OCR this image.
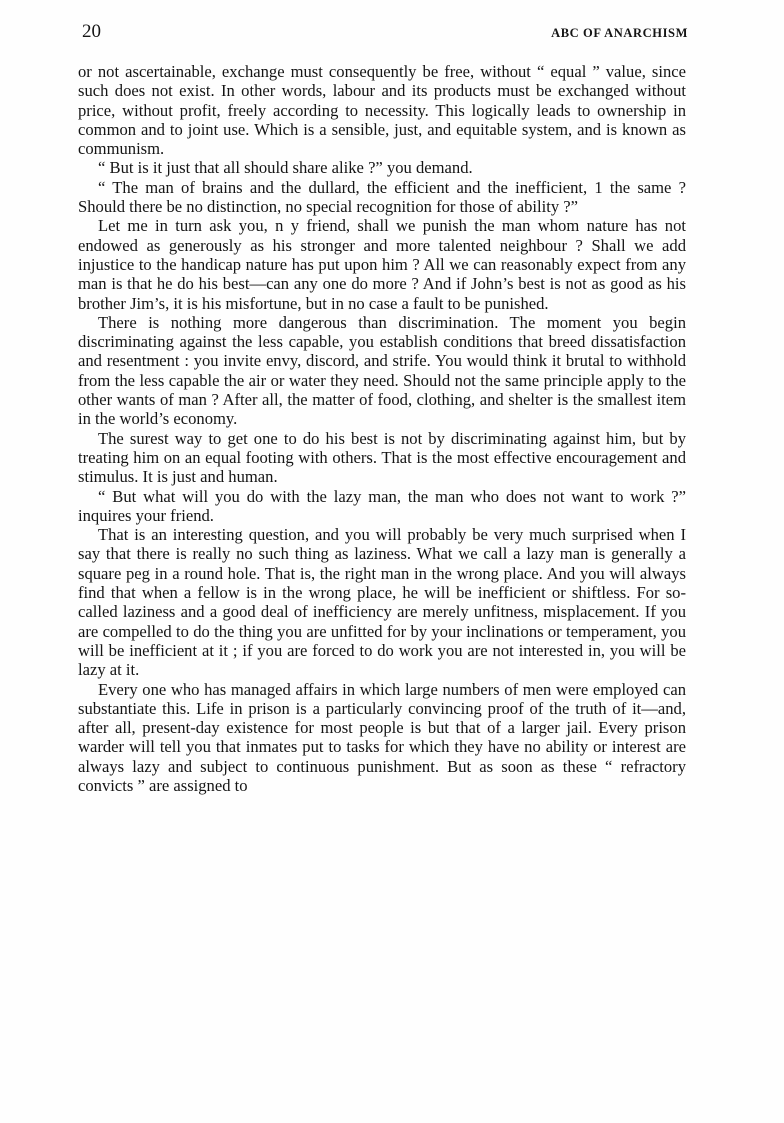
20	ABC OF ANARCHISM

or not ascertainable, exchange must consequently be free, without “ equal ” value, since such does not exist. In other words, labour and its products must be exchanged without price, without profit, freely according to necessity. This logically leads to ownership in common and to joint use. Which is a sensible, just, and equitable system, and is known as communism.

“ But is it just that all should share alike ?” you demand.

“ The man of brains and the dullard, the efficient and the inefficient, 1 the same ? Should there be no distinction, no special recognition for those of ability ?”

Let me in turn ask you, n y friend, shall we punish the man whom nature has not endowed as generously as his stronger and more talented neighbour ? Shall we add injustice to the handicap nature has put upon him ? All we can reasonably expect from any man is that he do his best—can any one do more ? And if John’s best is not as good as his brother Jim’s, it is his misfortune, but in no case a fault to be punished.

There is nothing more dangerous than discrimination. The moment you begin discriminating against the less capable, you establish conditions that breed dissatisfaction and resentment : you invite envy, discord, and strife. You would think it brutal to withhold from the less capable the air or water they need. Should not the same principle apply to the other wants of man ? After all, the matter of food, clothing, and shelter is the smallest item in the world’s economy.

The surest way to get one to do his best is not by discriminating against him, but by treating him on an equal footing with others. That is the most effective encouragement and stimulus. It is just and human.

“ But what will you do with the lazy man, the man who does not want to work ?” inquires your friend.

That is an interesting question, and you will probably be very much surprised when I say that there is really no such thing as laziness. What we call a lazy man is generally a square peg in a round hole. That is, the right man in the wrong place. And you will always find that when a fellow is in the wrong place, he will be inefficient or shiftless. For so-called laziness and a good deal of inefficiency are merely unfitness, misplacement. If you are compelled to do the thing you are unfitted for by your inclinations or temperament, you will be inefficient at it ; if you are forced to do work you are not interested in, you will be lazy at it.

Every one who has managed affairs in which large numbers of men were employed can substantiate this. Life in prison is a particularly convincing proof of the truth of it—and, after all, present-day existence for most people is but that of a larger jail. Every prison warder will tell you that inmates put to tasks for which they have no ability or interest are always lazy and subject to continuous punishment. But as soon as these “ refractory convicts ” are assigned to
